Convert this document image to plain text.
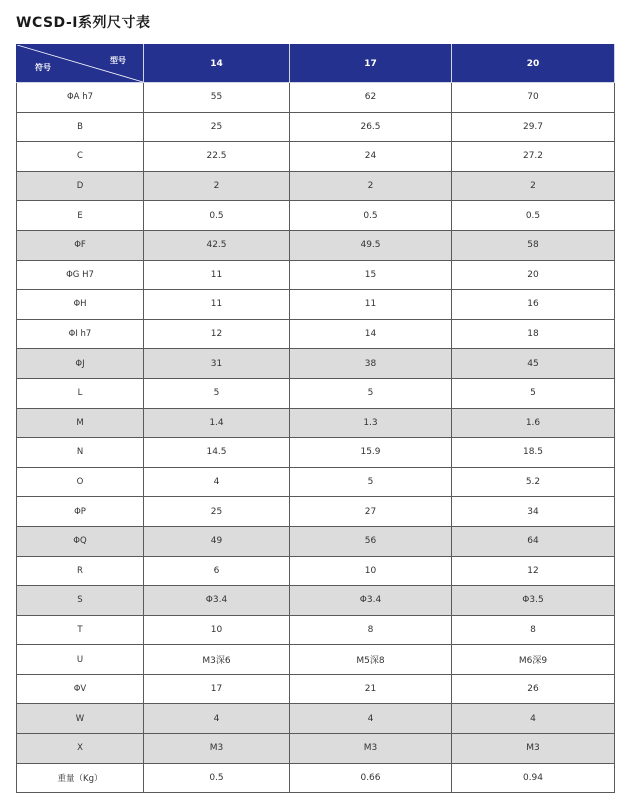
WCSD-I系列尺寸表
型号
符号	14	17	20
ΦA h7	55	62	70
B	25	26.5	29.7
C	22.5	24	27.2
D	2	2	2
E	0.5	0.5	0.5
ΦF	42.5	49.5	58
ΦG H7	11	15	20
ΦH	11	11	16
ΦI h7	12	14	18
ΦJ	31	38	45
L	5	5	5
M	1.4	1.3	1.6
N	14.5	15.9	18.5
O	4	5	5.2
ΦP	25	27	34
ΦQ	49	56	64
R	6	10	12
S	Φ3.4	Φ3.4	Φ3.5
T	10	8	8
U	M3深6	M5深8	M6深9
ΦV	17	21	26
W	4	4	4
X	M3	M3	M3
重量（Kg）	0.5	0.66	0.94
